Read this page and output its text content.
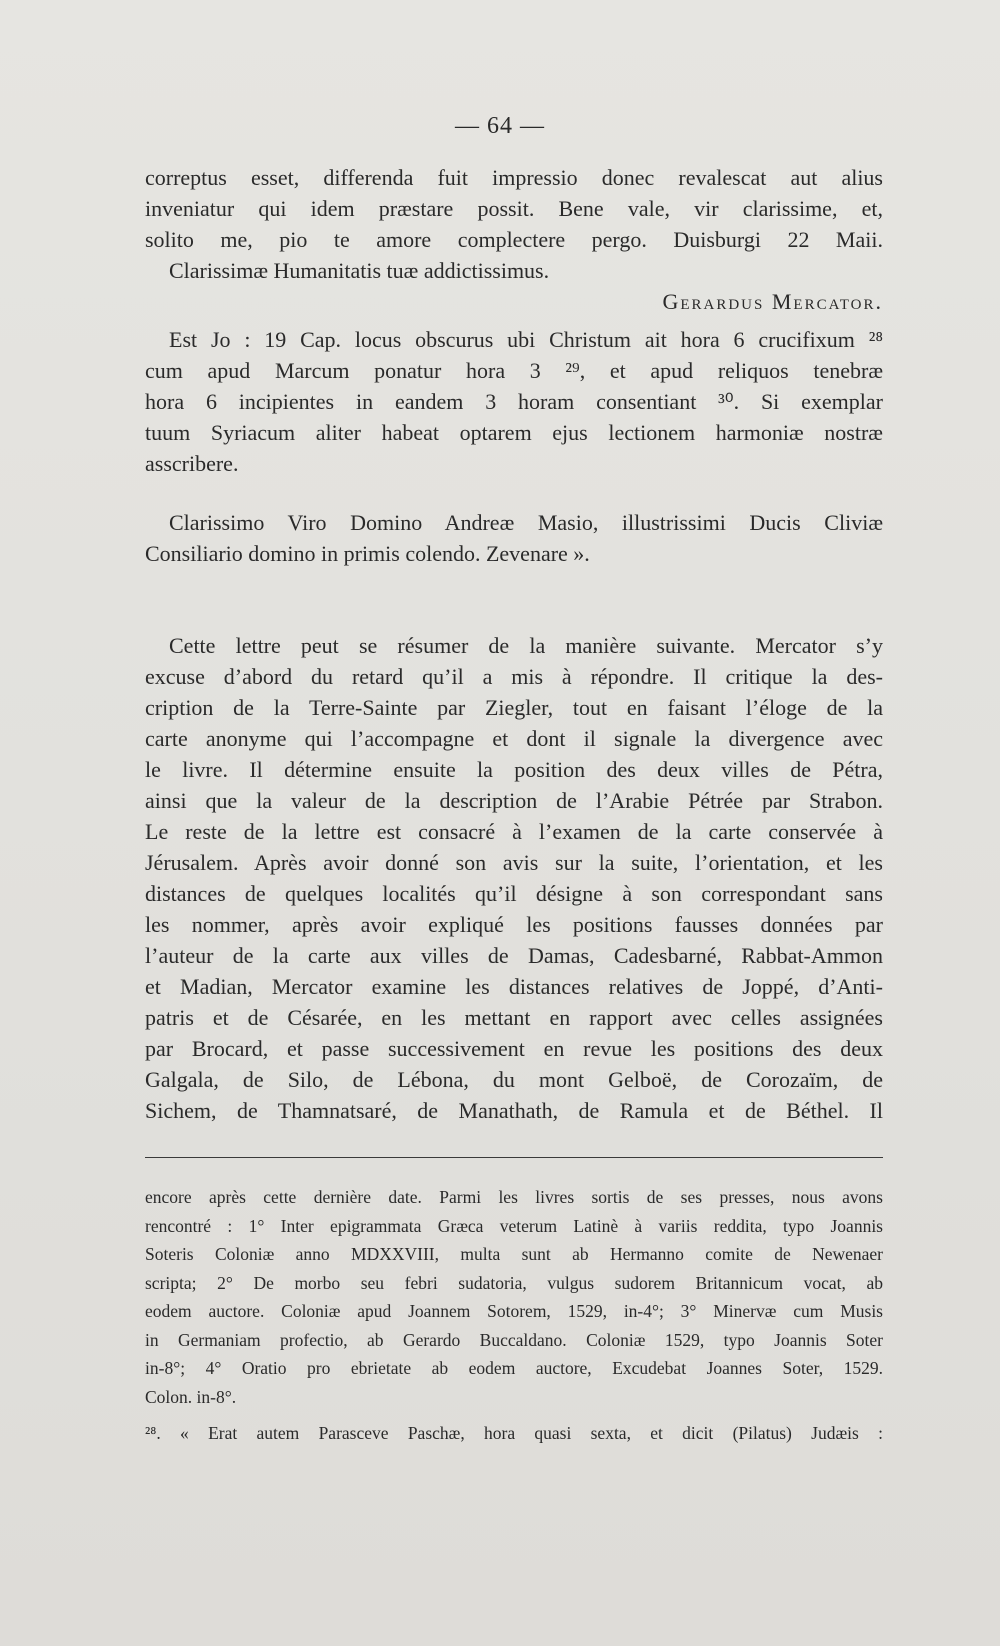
— 64 —
correptus esset, differenda fuit impressio donec revalescat aut alius
inveniatur qui idem præstare possit. Bene vale, vir clarissime, et,
solito me, pio te amore complectere pergo. Duisburgi 22 Maii.
Clarissimæ Humanitatis tuæ addictissimus.
Gerardus Mercator.
Est Jo : 19 Cap. locus obscurus ubi Christum ait hora 6 crucifixum ²⁸
cum apud Marcum ponatur hora 3 ²⁹, et apud reliquos tenebræ
hora 6 incipientes in eandem 3 horam consentiant ³⁰. Si exemplar
tuum Syriacum aliter habeat optarem ejus lectionem harmoniæ nostræ
asscribere.
Clarissimo Viro Domino Andreæ Masio, illustrissimi Ducis Cliviæ
Consiliario domino in primis colendo. Zevenare ».
Cette lettre peut se résumer de la manière suivante. Mercator s’y
excuse d’abord du retard qu’il a mis à répondre. Il critique la des-
cription de la Terre-Sainte par Ziegler, tout en faisant l’éloge de la
carte anonyme qui l’accompagne et dont il signale la divergence avec
le livre. Il détermine ensuite la position des deux villes de Pétra,
ainsi que la valeur de la description de l’Arabie Pétrée par Strabon.
Le reste de la lettre est consacré à l’examen de la carte conservée à
Jérusalem. Après avoir donné son avis sur la suite, l’orientation, et les
distances de quelques localités qu’il désigne à son correspondant sans
les nommer, après avoir expliqué les positions fausses données par
l’auteur de la carte aux villes de Damas, Cadesbarné, Rabbat-Ammon
et Madian, Mercator examine les distances relatives de Joppé, d’Anti-
patris et de Césarée, en les mettant en rapport avec celles assignées
par Brocard, et passe successivement en revue les positions des deux
Galgala, de Silo, de Lébona, du mont Gelboë, de Corozaïm, de
Sichem, de Thamnatsaré, de Manathath, de Ramula et de Béthel. Il
encore après cette dernière date. Parmi les livres sortis de ses presses, nous avons
rencontré : 1° Inter epigrammata Græca veterum Latinè à variis reddita, typo Joannis
Soteris Coloniæ anno MDXXVIII, multa sunt ab Hermanno comite de Newenaer
scripta; 2° De morbo seu febri sudatoria, vulgus sudorem Britannicum vocat, ab
eodem auctore. Coloniæ apud Joannem Sotorem, 1529, in-4°; 3° Minervæ cum Musis
in Germaniam profectio, ab Gerardo Buccaldano. Coloniæ 1529, typo Joannis Soter
in-8°; 4° Oratio pro ebrietate ab eodem auctore, Excudebat Joannes Soter, 1529.
Colon. in-8°.
²⁸. « Erat autem Parasceve Paschæ, hora quasi sexta, et dicit (Pilatus) Judæis :
